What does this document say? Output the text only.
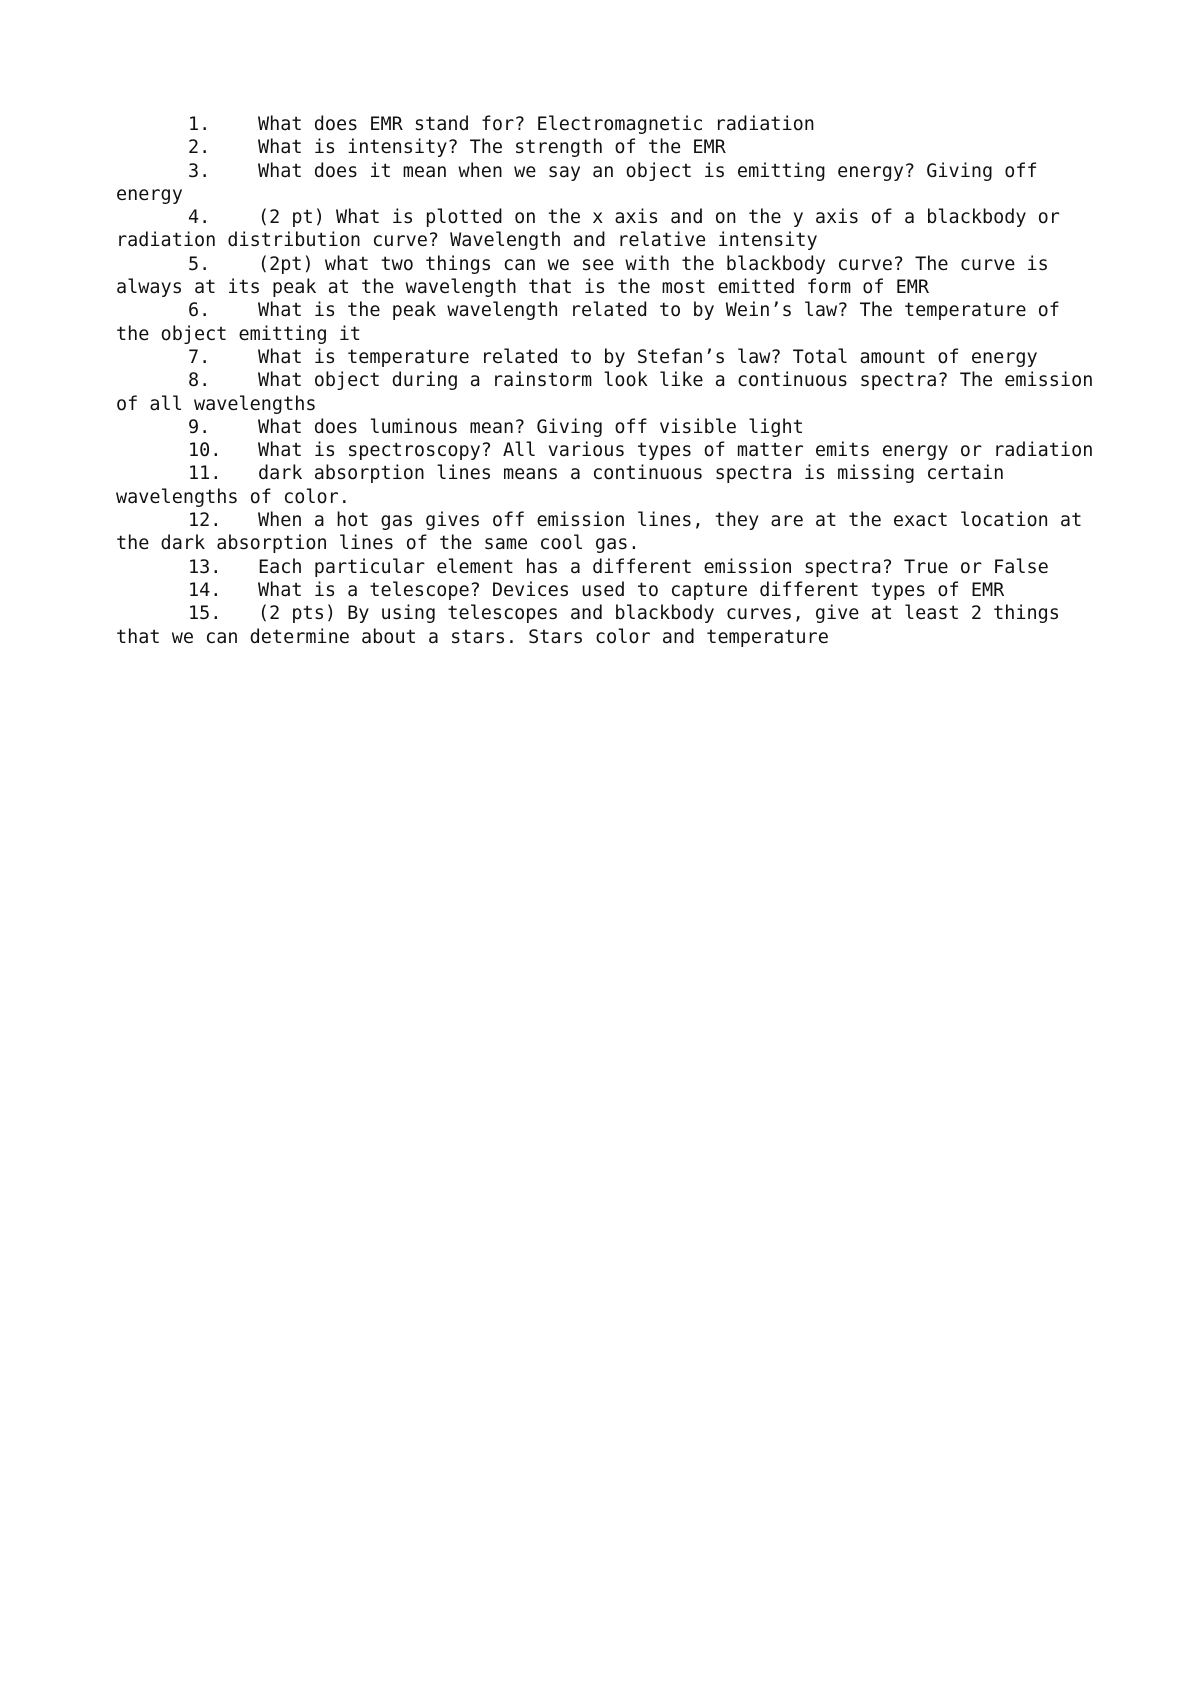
1.	What does EMR stand for? Electromagnetic radiation
2.	What is intensity? The strength of the EMR
3.	What does it mean when we say an object is emitting energy? Giving off energy
4.	(2 pt) What is plotted on the x axis and on the y axis of a blackbody or radiation distribution curve? Wavelength and relative intensity
5.	(2pt) what two things can we see with the blackbody curve? The curve is always at its peak at the wavelength that is the most emitted form of EMR
6.	What is the peak wavelength related to by Wein’s law? The temperature of the object emitting it
7.	What is temperature related to by Stefan’s law? Total amount of energy
8.	What object during a rainstorm look like a continuous spectra? The emission of all wavelengths
9.	What does luminous mean? Giving off visible light
10. What is spectroscopy? All various types of matter emits energy or radiation
11. dark absorption lines means a continuous spectra is missing certain wavelengths of color.
12. When a hot gas gives off emission lines, they are at the exact location at the dark absorption lines of the same cool gas.
13. Each particular element has a different emission spectra? True or False
14. What is a telescope? Devices used to capture different types of EMR
15. (2 pts) By using telescopes and blackbody curves, give at least 2 things that we can determine about a stars. Stars color and temperature
